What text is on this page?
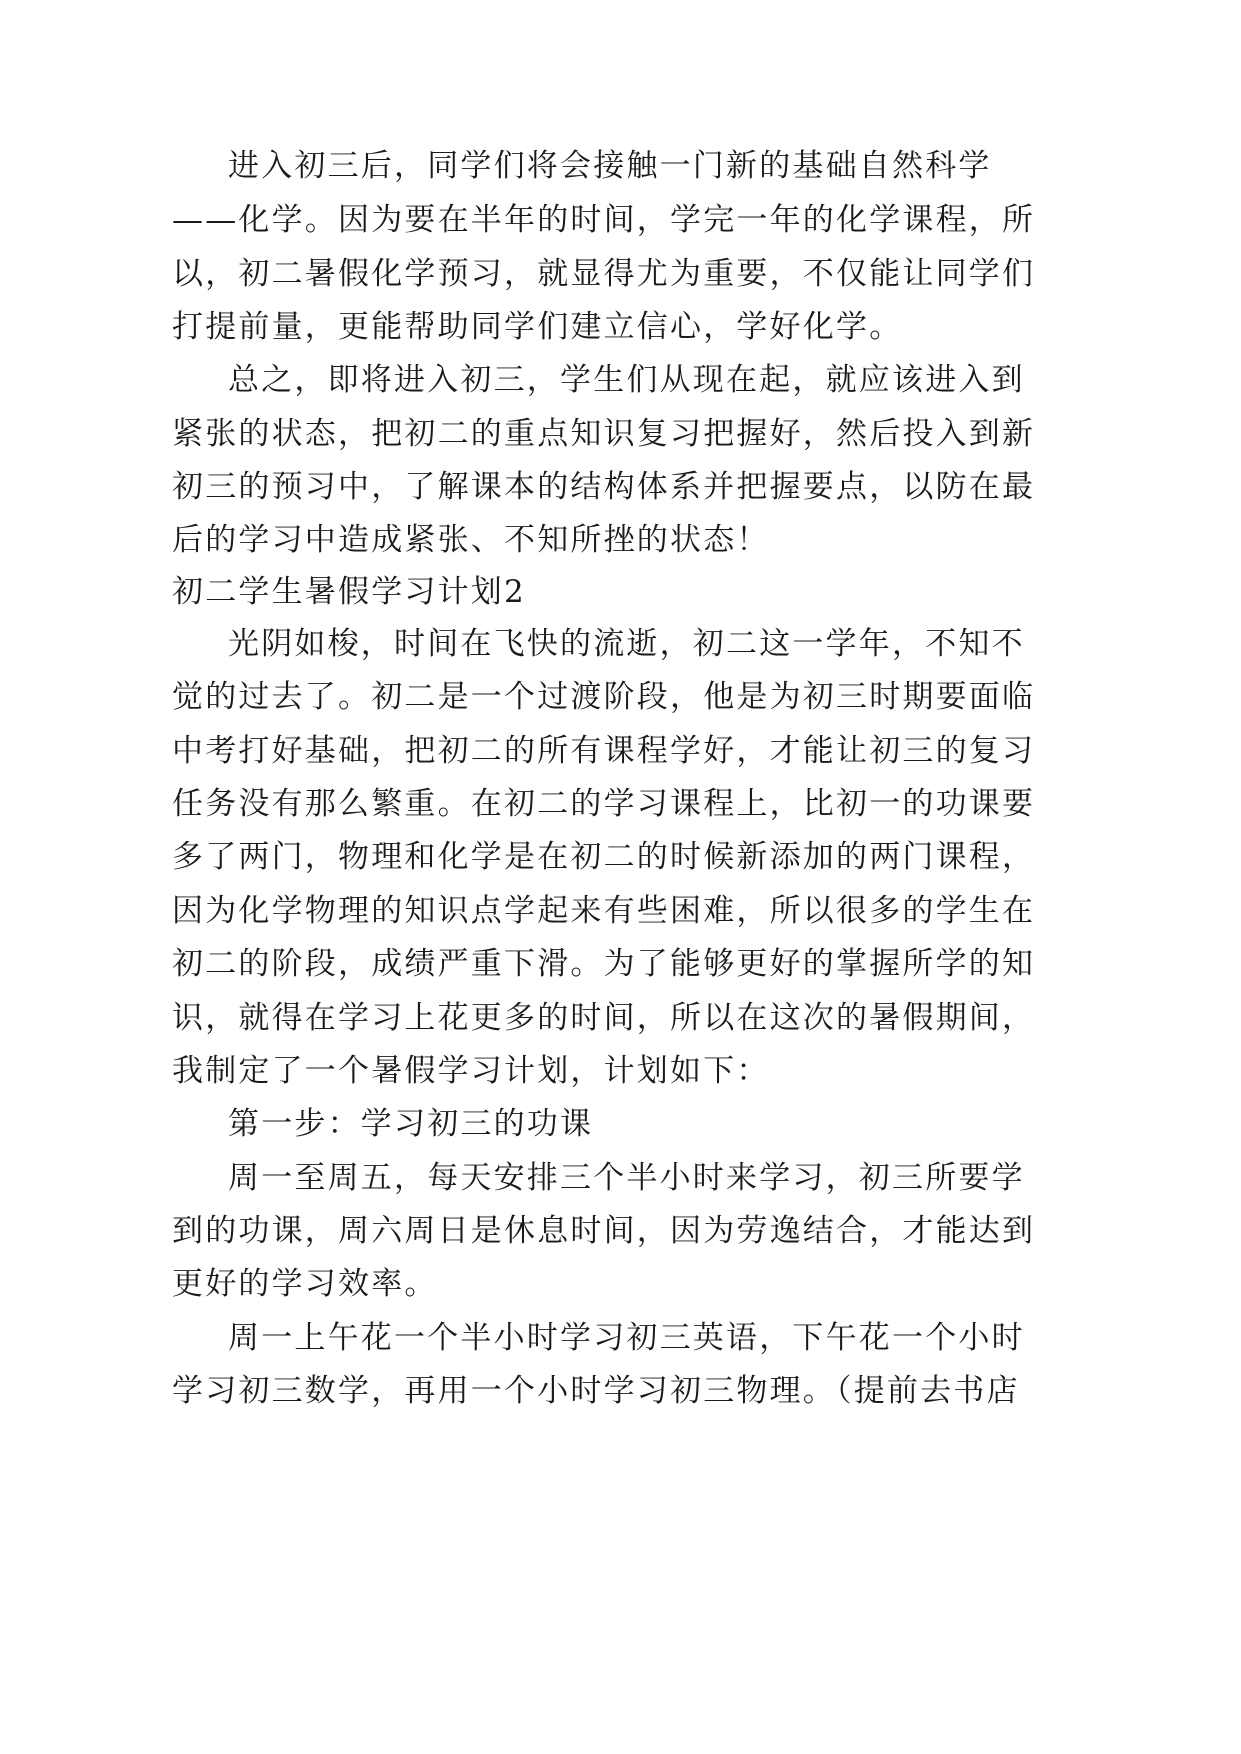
进入初三后，同学们将会接触一门新的基础自然科学
——化学。因为要在半年的时间，学完一年的化学课程，所
以，初二暑假化学预习，就显得尤为重要，不仅能让同学们
打提前量，更能帮助同学们建立信心，学好化学。
总之，即将进入初三，学生们从现在起，就应该进入到
紧张的状态，把初二的重点知识复习把握好，然后投入到新
初三的预习中，了解课本的结构体系并把握要点，以防在最
后的学习中造成紧张、不知所挫的状态！
初二学生暑假学习计划2
光阴如梭，时间在飞快的流逝，初二这一学年，不知不
觉的过去了。初二是一个过渡阶段，他是为初三时期要面临
中考打好基础，把初二的所有课程学好，才能让初三的复习
任务没有那么繁重。在初二的学习课程上，比初一的功课要
多了两门，物理和化学是在初二的时候新添加的两门课程，
因为化学物理的知识点学起来有些困难，所以很多的学生在
初二的阶段，成绩严重下滑。为了能够更好的掌握所学的知
识，就得在学习上花更多的时间，所以在这次的暑假期间，
我制定了一个暑假学习计划，计划如下：
第一步：学习初三的功课
周一至周五，每天安排三个半小时来学习，初三所要学
到的功课，周六周日是休息时间，因为劳逸结合，才能达到
更好的学习效率。
周一上午花一个半小时学习初三英语，下午花一个小时
学习初三数学，再用一个小时学习初三物理。（提前去书店
